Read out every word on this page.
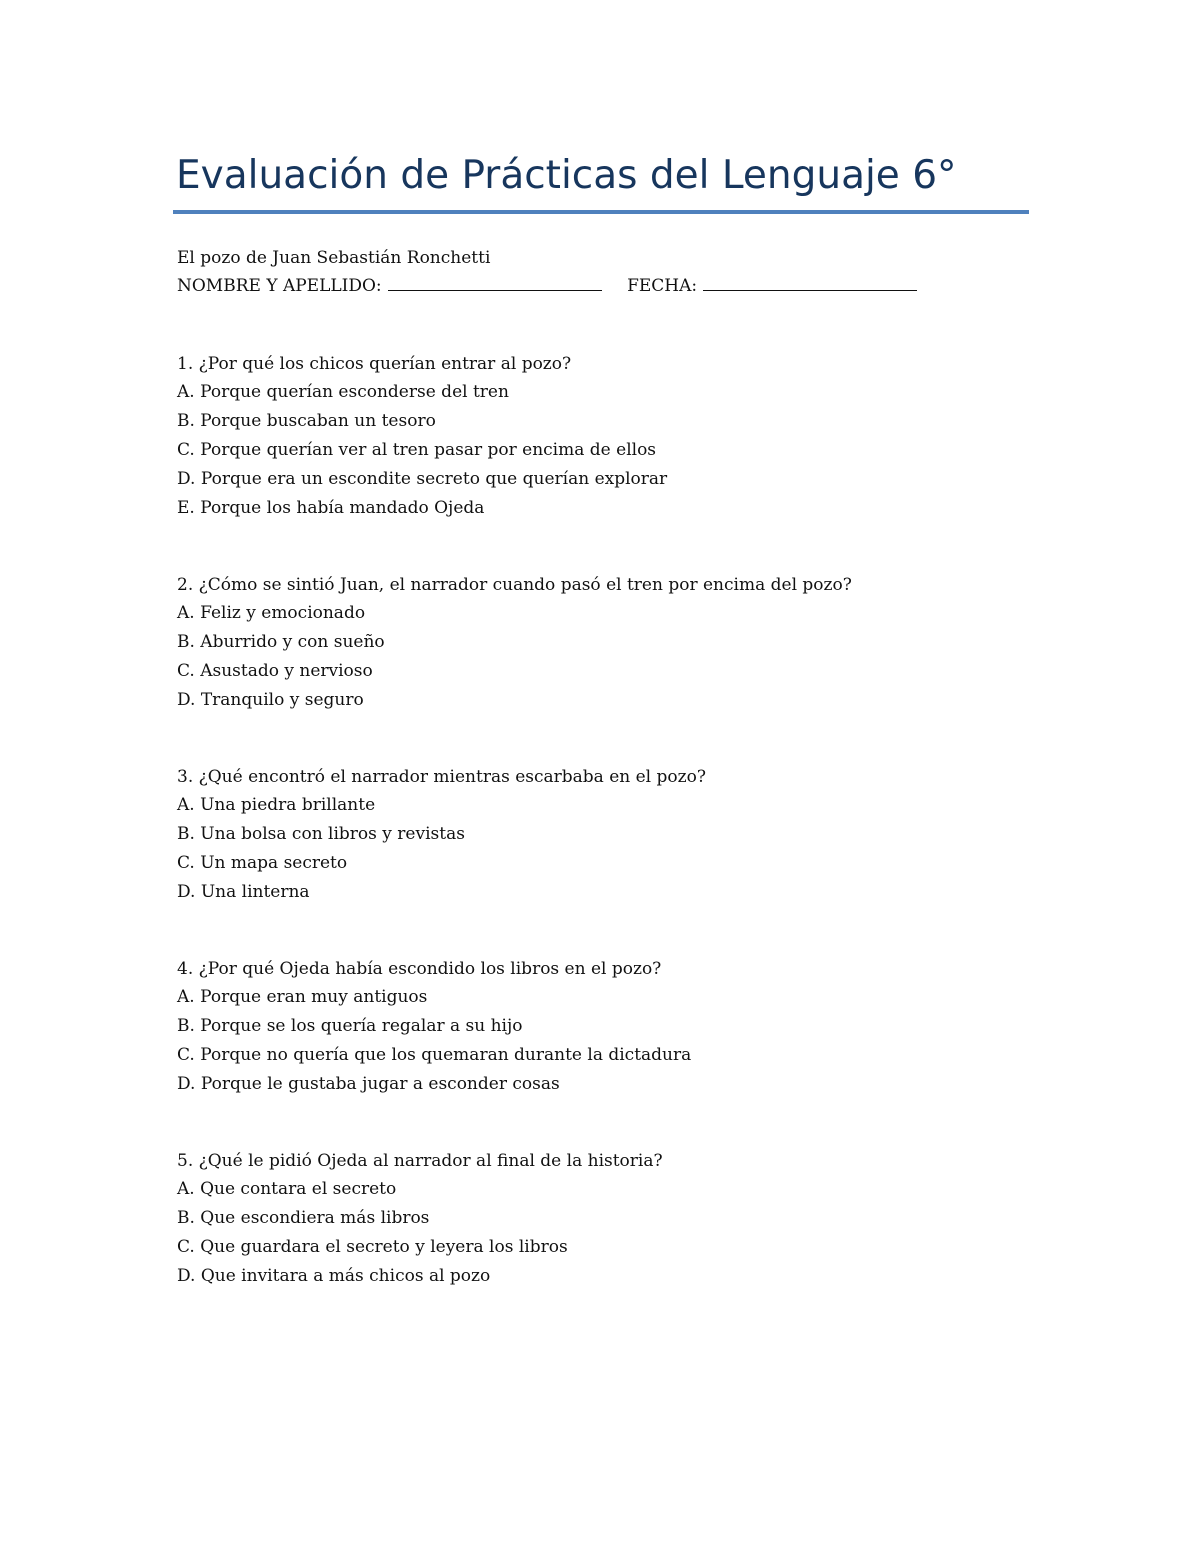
Evaluación de Prácticas del Lenguaje 6°
El pozo de Juan Sebastián Ronchetti
NOMBRE Y APELLIDO:	FECHA:
1. ¿Por qué los chicos querían entrar al pozo?
A. Porque querían esconderse del tren
B. Porque buscaban un tesoro
C. Porque querían ver al tren pasar por encima de ellos
D. Porque era un escondite secreto que querían explorar
E. Porque los había mandado Ojeda
2. ¿Cómo se sintió Juan, el narrador cuando pasó el tren por encima del pozo?
A. Feliz y emocionado
B. Aburrido y con sueño
C. Asustado y nervioso
D. Tranquilo y seguro
3. ¿Qué encontró el narrador mientras escarbaba en el pozo?
A. Una piedra brillante
B. Una bolsa con libros y revistas
C. Un mapa secreto
D. Una linterna
4. ¿Por qué Ojeda había escondido los libros en el pozo?
A. Porque eran muy antiguos
B. Porque se los quería regalar a su hijo
C. Porque no quería que los quemaran durante la dictadura
D. Porque le gustaba jugar a esconder cosas
5. ¿Qué le pidió Ojeda al narrador al final de la historia?
A. Que contara el secreto
B. Que escondiera más libros
C. Que guardara el secreto y leyera los libros
D. Que invitara a más chicos al pozo
